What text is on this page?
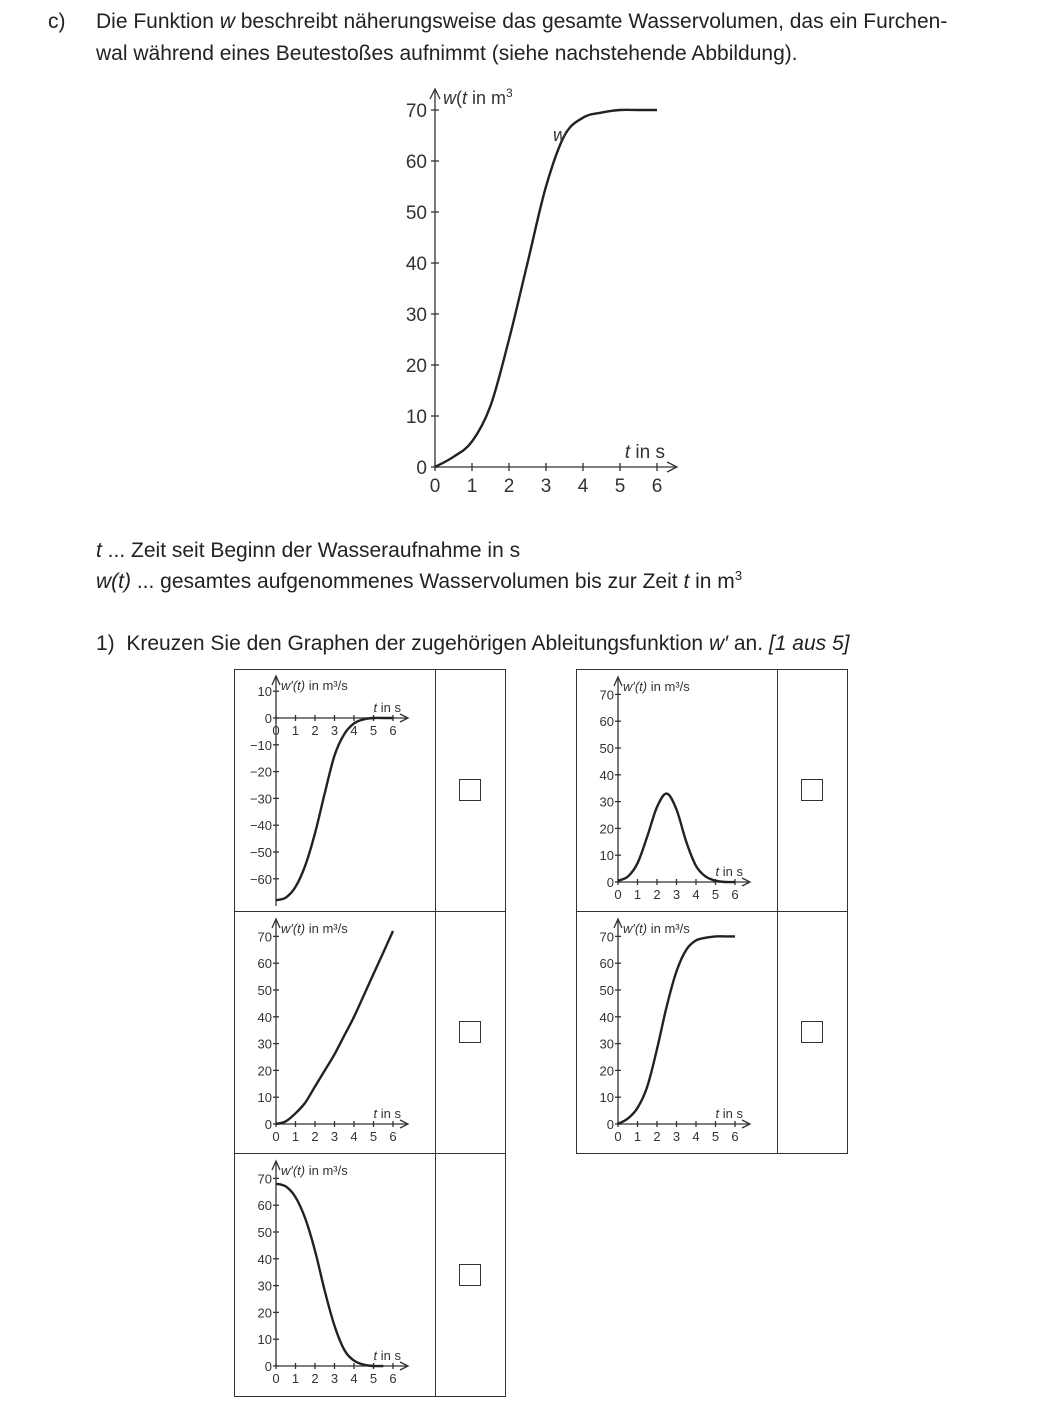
c) Die Funktion w beschreibt näherungsweise das gesamte Wasservolumen, das ein Furchen-
wal während eines Beutestoßes aufnimmt (siehe nachstehende Abbildung).
0
10
20
30
40
50
60
70
0 1 2 3 4 5 6
w(t in $m^3$
t in s
w
t ... Zeit seit Beginn der Wasseraufnahme in s
w(t) ... gesamtes aufgenommenes Wasservolumen bis zur Zeit t in $m^3$
1) Kreuzen Sie den Graphen der zugehörigen Ableitungsfunktion w′ an. [1 aus 5]
10
0
−10
−20
−30
−40
−50
−60
0 1 2 3 4 5 6
w′(t) in m³/s
t in s
0
10
20
30
40
50
60
70
0 1 2 3 4 5 6
w′(t) in m³/s
t in s
0
10
20
30
40
50
60
70
0 1 2 3 4 5 6
w′(t) in m³/s
t in s
0
10
20
30
40
50
60
70
0 1 2 3 4 5 6
w′(t) in m³/s
t in s
0
10
20
30
40
50
60
70
0 1 2 3 4 5 6
w′(t) in m³/s
t in s
